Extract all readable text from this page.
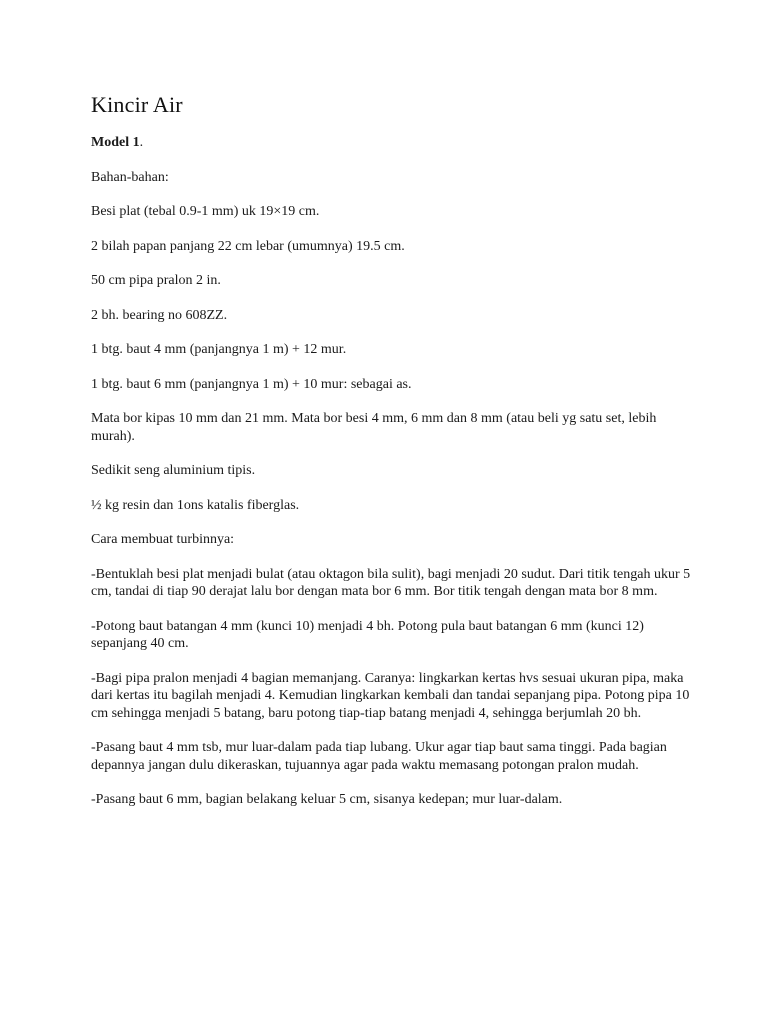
Kincir Air

Model 1.

Bahan-bahan:

Besi plat (tebal 0.9-1 mm) uk 19×19 cm.

2 bilah papan panjang 22 cm lebar (umumnya) 19.5 cm.

50 cm pipa pralon 2 in.

2 bh. bearing no 608ZZ.

1 btg. baut 4 mm (panjangnya 1 m) + 12 mur.

1 btg. baut 6 mm (panjangnya 1 m) + 10 mur: sebagai as.

Mata bor kipas 10 mm dan 21 mm. Mata bor besi 4 mm, 6 mm dan 8 mm (atau beli yg satu set, lebih murah).

Sedikit seng aluminium tipis.

½ kg resin dan 1ons katalis fiberglas.

Cara membuat turbinnya:

-Bentuklah besi plat menjadi bulat (atau oktagon bila sulit), bagi menjadi 20 sudut. Dari titik tengah ukur 5 cm, tandai di tiap 90 derajat lalu bor dengan mata bor 6 mm. Bor titik tengah dengan mata bor 8 mm.

-Potong baut batangan 4 mm (kunci 10) menjadi 4 bh. Potong pula baut batangan 6 mm (kunci 12) sepanjang 40 cm.

-Bagi pipa pralon menjadi 4 bagian memanjang. Caranya: lingkarkan kertas hvs sesuai ukuran pipa, maka dari kertas itu bagilah menjadi 4. Kemudian lingkarkan kembali dan tandai sepanjang pipa. Potong pipa 10 cm sehingga menjadi 5 batang, baru potong tiap-tiap batang menjadi 4, sehingga berjumlah 20 bh.

-Pasang baut 4 mm tsb, mur luar-dalam pada tiap lubang. Ukur agar tiap baut sama tinggi. Pada bagian depannya jangan dulu dikeraskan, tujuannya agar pada waktu memasang potongan pralon mudah.

-Pasang baut 6 mm, bagian belakang keluar 5 cm, sisanya kedepan; mur luar-dalam.
